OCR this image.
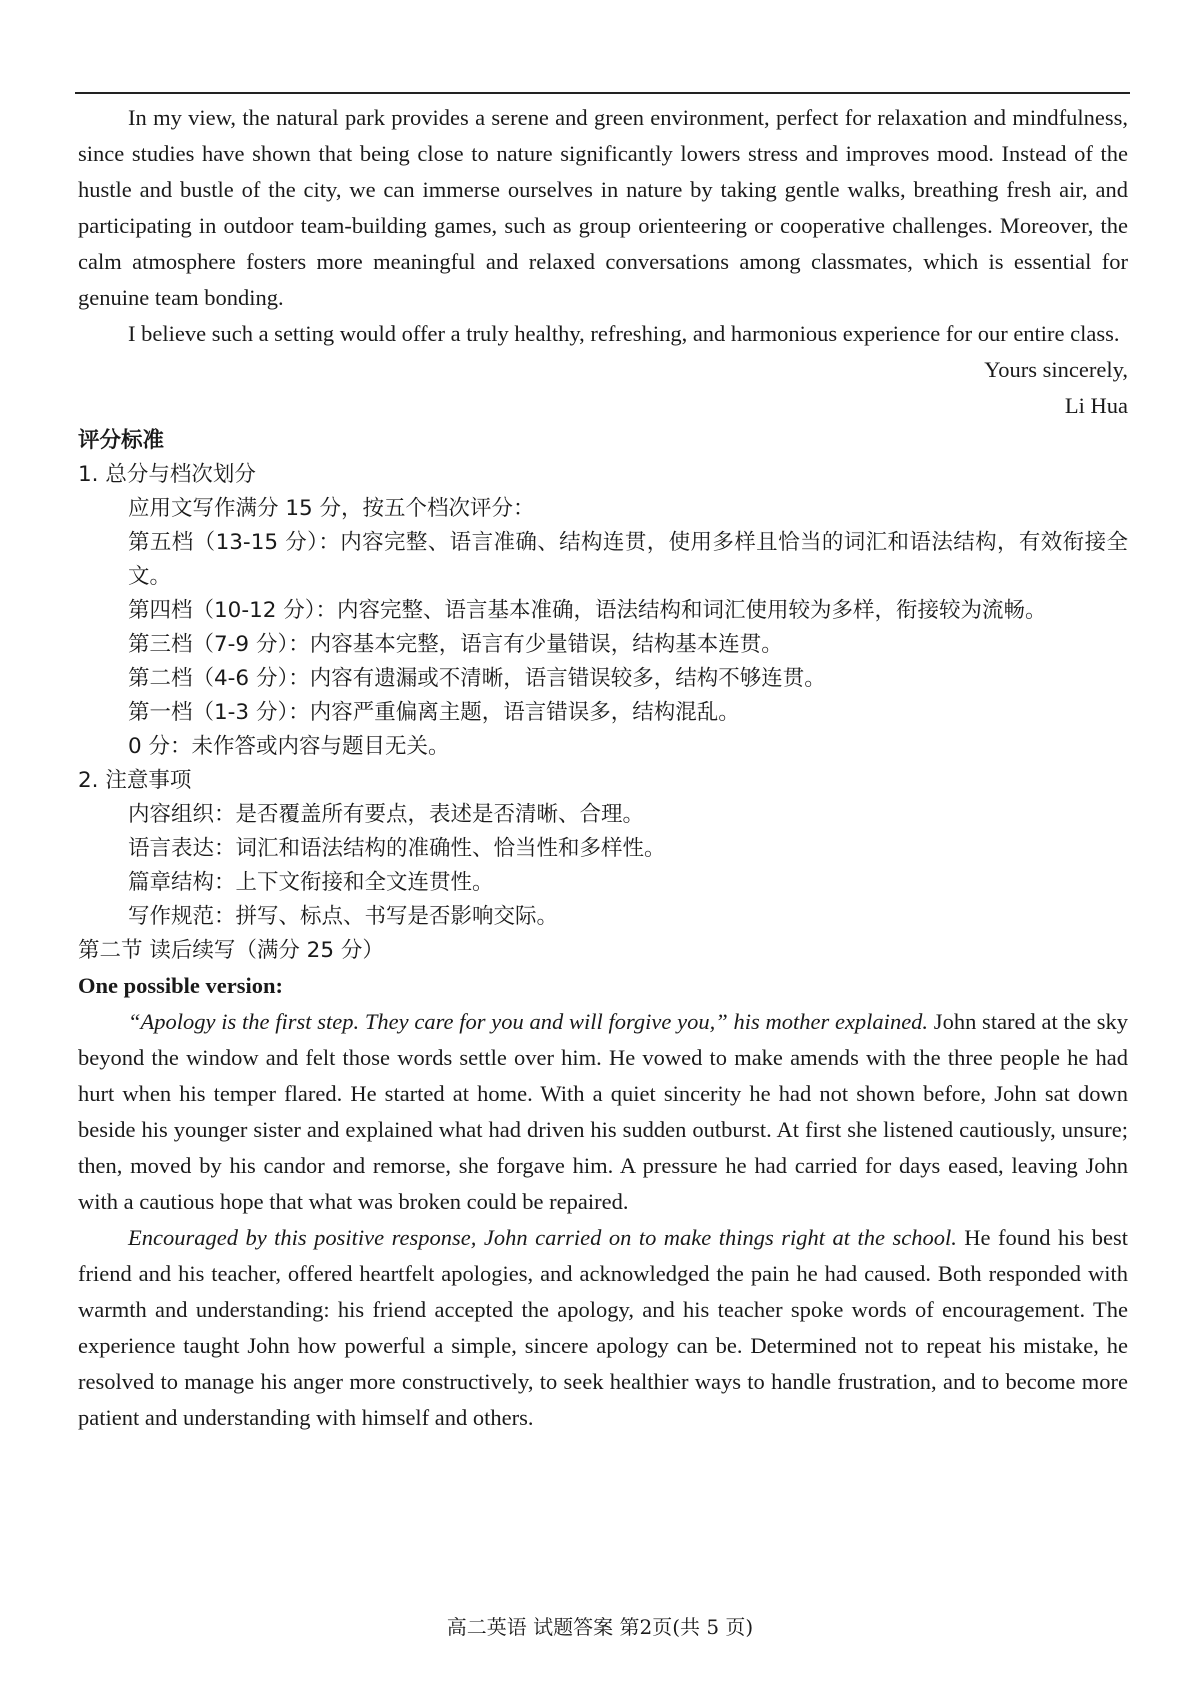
In my view, the natural park provides a serene and green environment, perfect for relaxation and mindfulness, since studies have shown that being close to nature significantly lowers stress and improves mood. Instead of the hustle and bustle of the city, we can immerse ourselves in nature by taking gentle walks, breathing fresh air, and participating in outdoor team-building games, such as group orienteering or cooperative challenges. Moreover, the calm atmosphere fosters more meaningful and relaxed conversations among classmates, which is essential for genuine team bonding.

I believe such a setting would offer a truly healthy, refreshing, and harmonious experience for our entire class.

Yours sincerely,

Li Hua

评分标准

1. 总分与档次划分

应用文写作满分 15 分，按五个档次评分：

第五档（13-15 分）：内容完整、语言准确、结构连贯，使用多样且恰当的词汇和语法结构，有效衔接全文。

第四档（10-12 分）：内容完整、语言基本准确，语法结构和词汇使用较为多样，衔接较为流畅。

第三档（7-9 分）：内容基本完整，语言有少量错误，结构基本连贯。

第二档（4-6 分）：内容有遗漏或不清晰，语言错误较多，结构不够连贯。

第一档（1-3 分）：内容严重偏离主题，语言错误多，结构混乱。

0 分：未作答或内容与题目无关。

2. 注意事项

内容组织：是否覆盖所有要点，表述是否清晰、合理。

语言表达：词汇和语法结构的准确性、恰当性和多样性。

篇章结构：上下文衔接和全文连贯性。

写作规范：拼写、标点、书写是否影响交际。

第二节 读后续写（满分 25 分）

One possible version:

“Apology is the first step. They care for you and will forgive you,” his mother explained. John stared at the sky beyond the window and felt those words settle over him. He vowed to make amends with the three people he had hurt when his temper flared. He started at home. With a quiet sincerity he had not shown before, John sat down beside his younger sister and explained what had driven his sudden outburst. At first she listened cautiously, unsure; then, moved by his candor and remorse, she forgave him. A pressure he had carried for days eased, leaving John with a cautious hope that what was broken could be repaired.

Encouraged by this positive response, John carried on to make things right at the school. He found his best friend and his teacher, offered heartfelt apologies, and acknowledged the pain he had caused. Both responded with warmth and understanding: his friend accepted the apology, and his teacher spoke words of encouragement. The experience taught John how powerful a simple, sincere apology can be. Determined not to repeat his mistake, he resolved to manage his anger more constructively, to seek healthier ways to handle frustration, and to become more patient and understanding with himself and others.

高二英语 试题答案 第2页(共 5 页)
